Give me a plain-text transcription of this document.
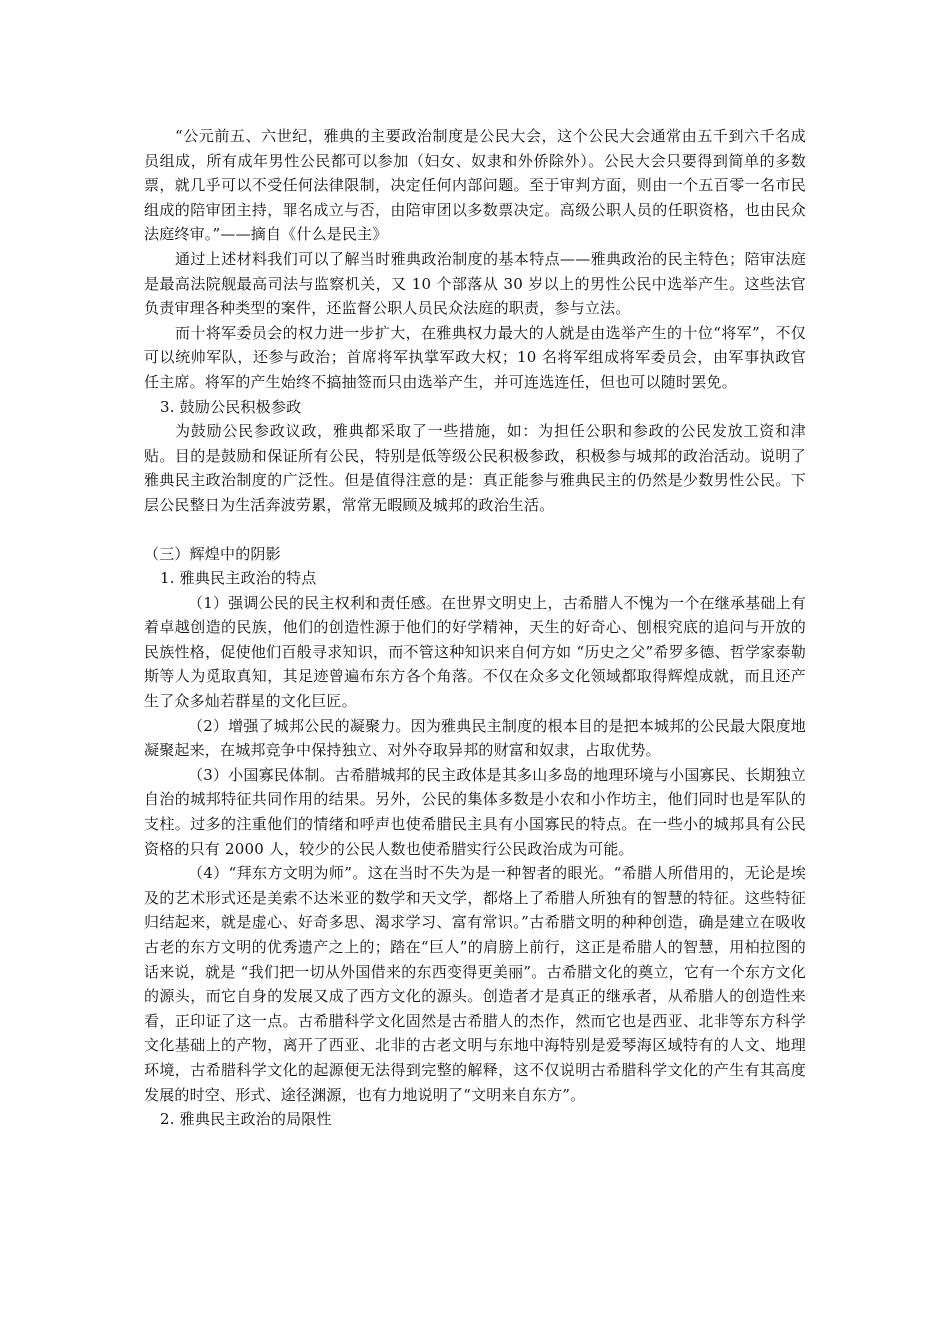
“公元前五、六世纪，雅典的主要政治制度是公民大会，这个公民大会通常由五千到六千名成员组成，所有成年男性公民都可以参加（妇女、奴隶和外侨除外）。公民大会只要得到简单的多数票，就几乎可以不受任何法律限制，决定任何内部问题。至于审判方面，则由一个五百零一名市民组成的陪审团主持，罪名成立与否，由陪审团以多数票决定。高级公职人员的任职资格，也由民众法庭终审。”——摘自《什么是民主》

通过上述材料我们可以了解当时雅典政治制度的基本特点——雅典政治的民主特色；陪审法庭是最高法院舰最高司法与监察机关，又 10 个部落从 30 岁以上的男性公民中选举产生。这些法官负责审理各种类型的案件，还监督公职人员民众法庭的职责，参与立法。

而十将军委员会的权力进一步扩大，在雅典权力最大的人就是由选举产生的十位“将军”，不仅可以统帅军队，还参与政治；首席将军执掌军政大权；10 名将军组成将军委员会，由军事执政官任主席。将军的产生始终不搞抽签而只由选举产生，并可连选连任，但也可以随时罢免。

3. 鼓励公民积极参政

为鼓励公民参政议政，雅典都采取了一些措施，如：为担任公职和参政的公民发放工资和津贴。目的是鼓励和保证所有公民，特别是低等级公民积极参政，积极参与城邦的政治活动。说明了雅典民主政治制度的广泛性。但是值得注意的是：真正能参与雅典民主的仍然是少数男性公民。下层公民整日为生活奔波劳累，常常无暇顾及城邦的政治生活。

（三）辉煌中的阴影

1. 雅典民主政治的特点

（1）强调公民的民主权利和责任感。在世界文明史上，古希腊人不愧为一个在继承基础上有着卓越创造的民族，他们的创造性源于他们的好学精神，天生的好奇心、刨根究底的追问与开放的民族性格，促使他们百般寻求知识，而不管这种知识来自何方如 “历史之父”希罗多德、哲学家泰勒斯等人为觅取真知，其足迹曾遍布东方各个角落。不仅在众多文化领域都取得辉煌成就，而且还产生了众多灿若群星的文化巨匠。

（2）增强了城邦公民的凝聚力。因为雅典民主制度的根本目的是把本城邦的公民最大限度地凝聚起来，在城邦竞争中保持独立、对外夺取异邦的财富和奴隶，占取优势。

（3）小国寡民体制。古希腊城邦的民主政体是其多山多岛的地理环境与小国寡民、长期独立自治的城邦特征共同作用的结果。另外，公民的集体多数是小农和小作坊主，他们同时也是军队的支柱。过多的注重他们的情绪和呼声也使希腊民主具有小国寡民的特点。在一些小的城邦具有公民资格的只有 2000 人，较少的公民人数也使希腊实行公民政治成为可能。

（4）“拜东方文明为师”。这在当时不失为是一种智者的眼光。“希腊人所借用的，无论是埃及的艺术形式还是美索不达米亚的数学和天文学，都烙上了希腊人所独有的智慧的特征。这些特征归结起来，就是虚心、好奇多思、渴求学习、富有常识。”古希腊文明的种种创造，确是建立在吸收古老的东方文明的优秀遗产之上的；踏在“巨人”的肩膀上前行，这正是希腊人的智慧，用柏拉图的话来说，就是 “我们把一切从外国借来的东西变得更美丽”。古希腊文化的奠立，它有一个东方文化的源头，而它自身的发展又成了西方文化的源头。创造者才是真正的继承者，从希腊人的创造性来看，正印证了这一点。古希腊科学文化固然是古希腊人的杰作，然而它也是西亚、北非等东方科学文化基础上的产物，离开了西亚、北非的古老文明与东地中海特别是爱琴海区域特有的人文、地理环境，古希腊科学文化的起源便无法得到完整的解释，这不仅说明古希腊科学文化的产生有其高度发展的时空、形式、途径渊源，也有力地说明了“文明来自东方”。

2. 雅典民主政治的局限性
